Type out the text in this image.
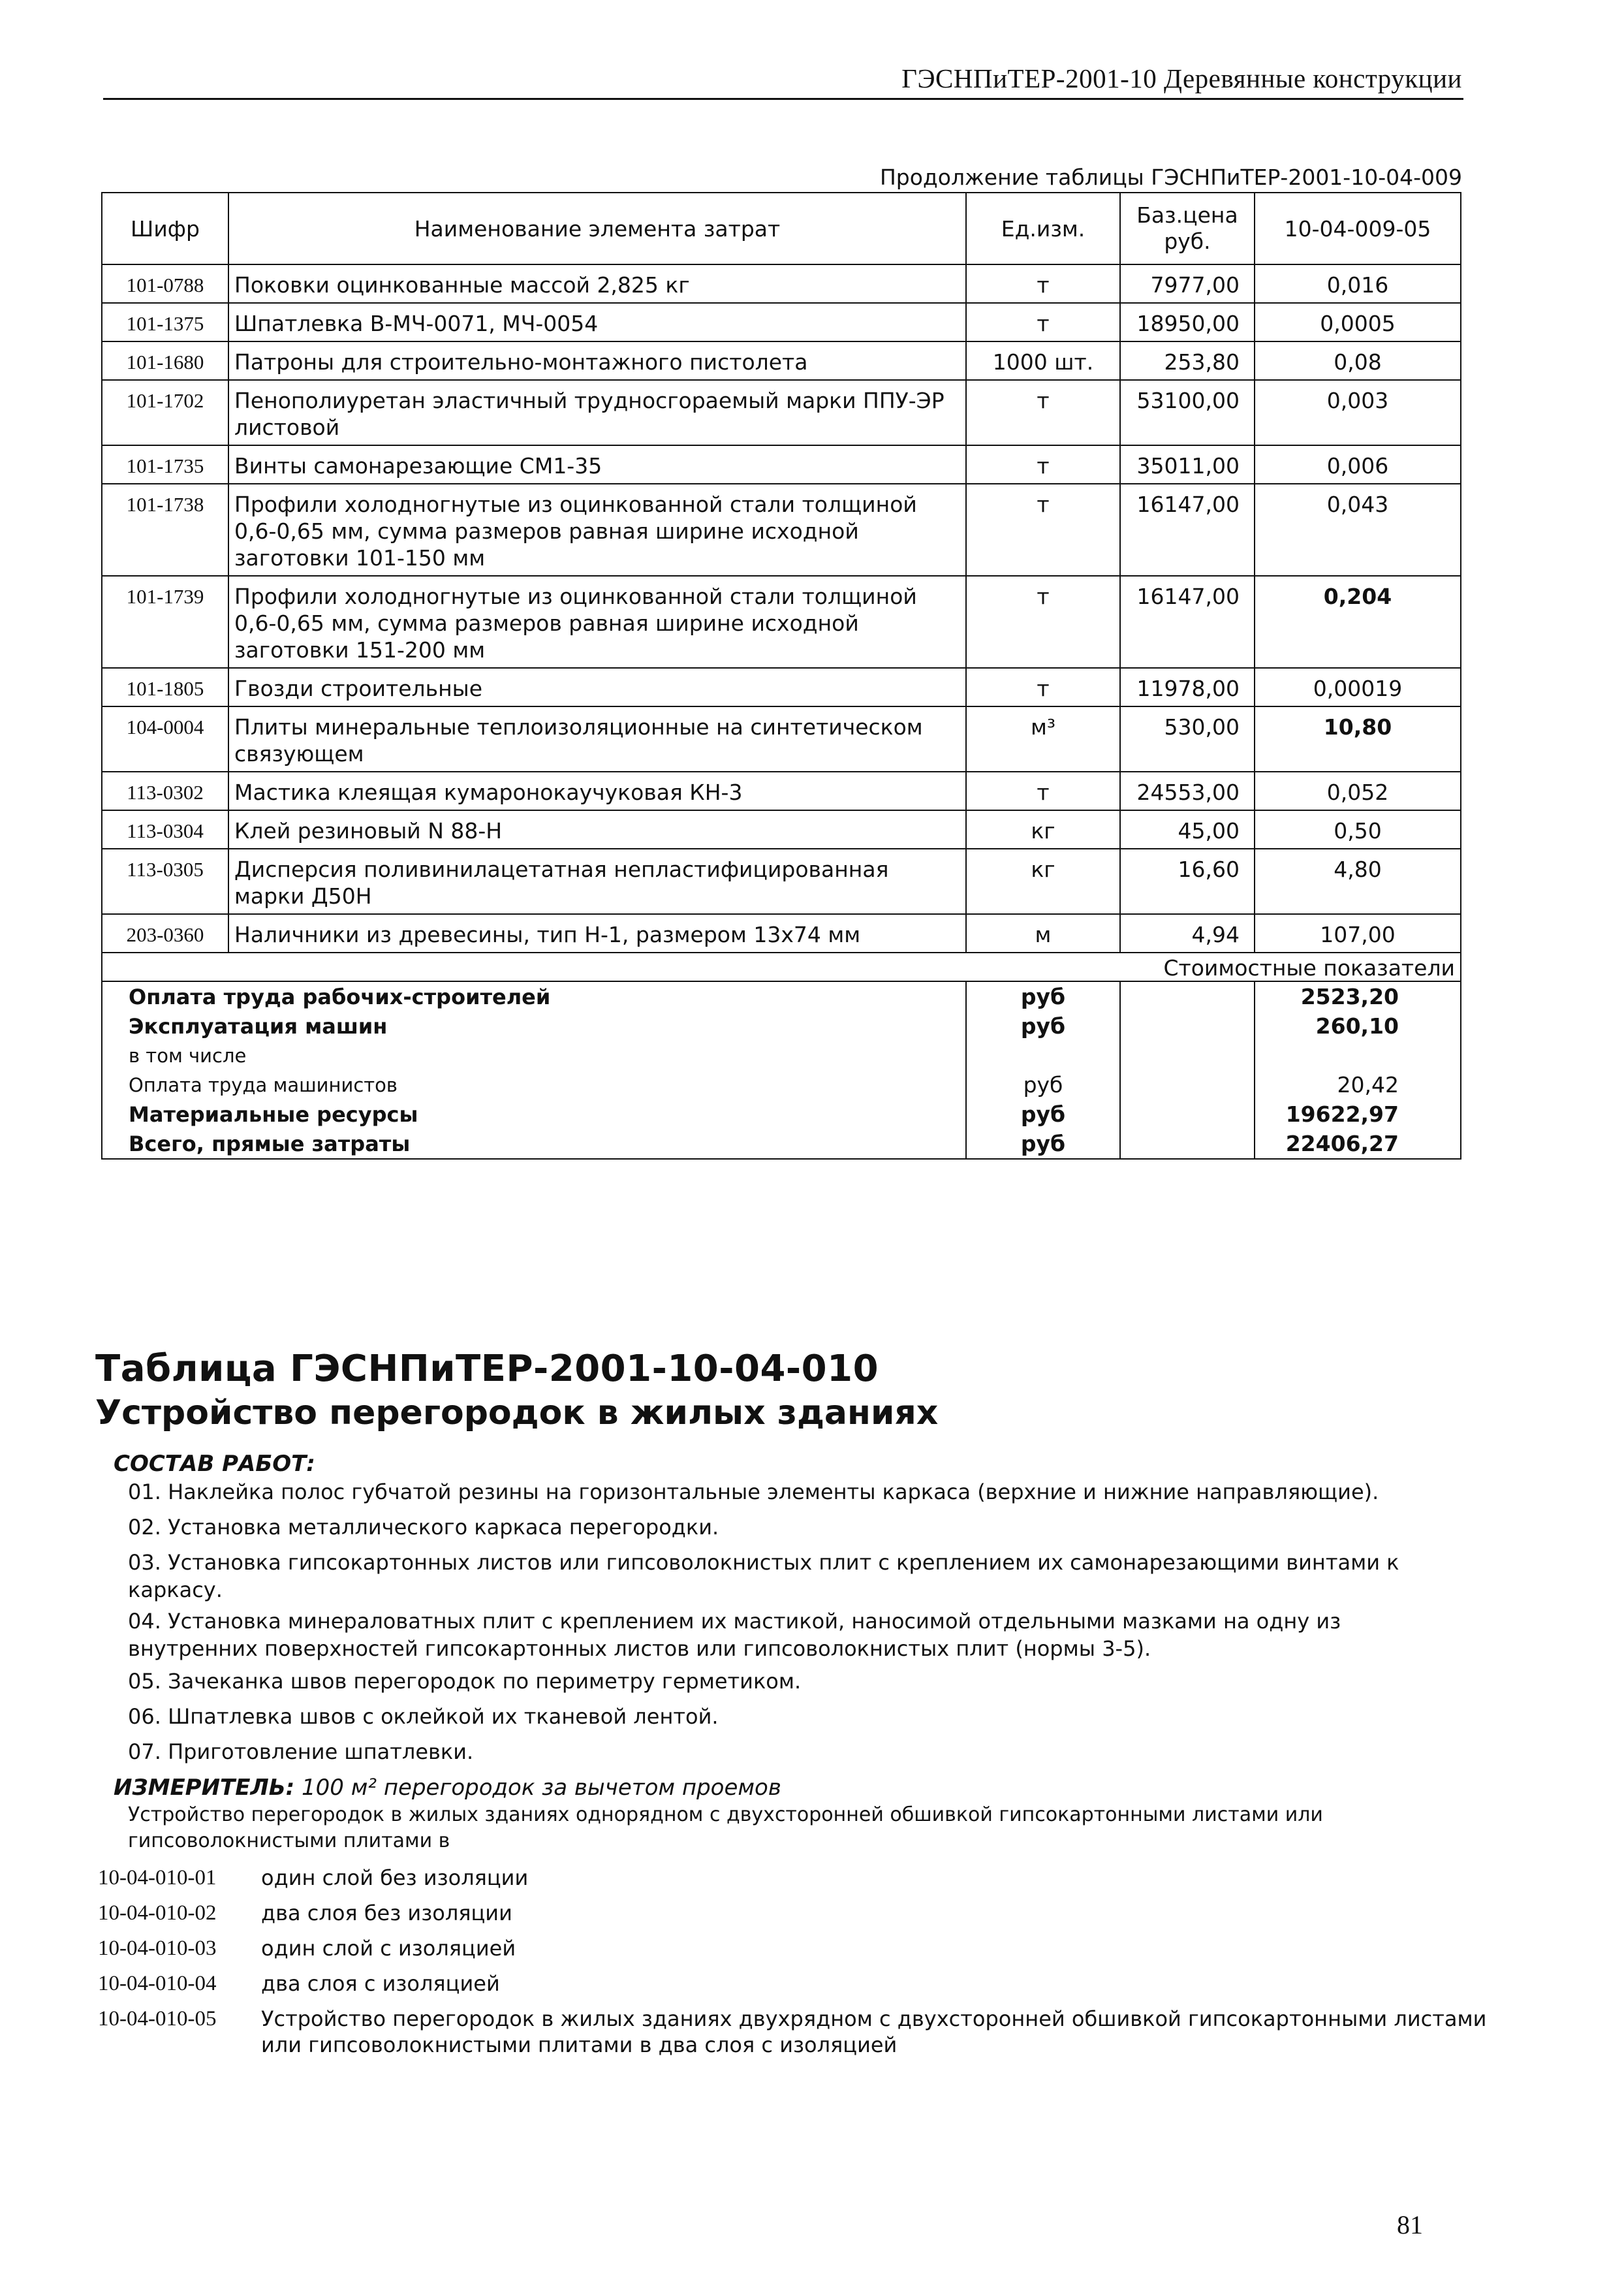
ГЭСНПиТЕР-2001-10 Деревянные конструкции
Продолжение таблицы ГЭСНПиТЕР-2001-10-04-009
Шифр	Наименование элемента затрат	Ед.изм.	Баз.цена руб.	10-04-009-05
101-0788	Поковки оцинкованные массой 2,825 кг	т	7977,00	0,016
101-1375	Шпатлевка В-МЧ-0071, МЧ-0054	т	18950,00	0,0005
101-1680	Патроны для строительно-монтажного пистолета	1000 шт.	253,80	0,08
101-1702	Пенополиуретан эластичный трудносгораемый марки ППУ-ЭР листовой	т	53100,00	0,003
101-1735	Винты самонарезающие СМ1-35	т	35011,00	0,006
101-1738	Профили холодногнутые из оцинкованной стали толщиной 0,6-0,65 мм, сумма размеров равная ширине исходной заготовки 101-150 мм	т	16147,00	0,043
101-1739	Профили холодногнутые из оцинкованной стали толщиной 0,6-0,65 мм, сумма размеров равная ширине исходной заготовки 151-200 мм	т	16147,00	0,204
101-1805	Гвозди строительные	т	11978,00	0,00019
104-0004	Плиты минеральные теплоизоляционные на синтетическом связующем	м³	530,00	10,80
113-0302	Мастика клеящая кумаронокаучуковая КН-3	т	24553,00	0,052
113-0304	Клей резиновый N 88-Н	кг	45,00	0,50
113-0305	Дисперсия поливинилацетатная непластифицированная марки Д50Н	кг	16,60	4,80
203-0360	Наличники из древесины, тип Н-1, размером 13х74 мм	м	4,94	107,00
Стоимостные показатели				
Оплата труда рабочих-строителей		руб		2523,20
Эксплуатация машин		руб		260,10
в том числе				
Оплата труда машинистов		руб		20,42
Материальные ресурсы		руб		19622,97
Всего, прямые затраты		руб		22406,27
Таблица ГЭСНПиТЕР-2001-10-04-010
Устройство перегородок в жилых зданиях
СОСТАВ РАБОТ:
01. Наклейка полос губчатой резины на горизонтальные элементы каркаса (верхние и нижние направляющие).
02. Установка металлического каркаса перегородки.
03. Установка гипсокартонных листов или гипсоволокнистых плит с креплением их самонарезающими винтами к каркасу.
04. Установка минераловатных плит с креплением их мастикой, наносимой отдельными мазками на одну из внутренних поверхностей гипсокартонных листов или гипсоволокнистых плит (нормы 3-5).
05. Зачеканка швов перегородок по периметру герметиком.
06. Шпатлевка швов с оклейкой их тканевой лентой.
07. Приготовление шпатлевки.
ИЗМЕРИТЕЛЬ: 100 м² перегородок за вычетом проемов
Устройство перегородок в жилых зданиях однорядном с двухсторонней обшивкой гипсокартонными листами или гипсоволокнистыми плитами в
10-04-010-01	один слой без изоляции
10-04-010-02	два слоя без изоляции
10-04-010-03	один слой с изоляцией
10-04-010-04	два слоя с изоляцией
10-04-010-05	Устройство перегородок в жилых зданиях двухрядном с двухсторонней обшивкой гипсокартонными листами или гипсоволокнистыми плитами в два слоя с изоляцией
81
